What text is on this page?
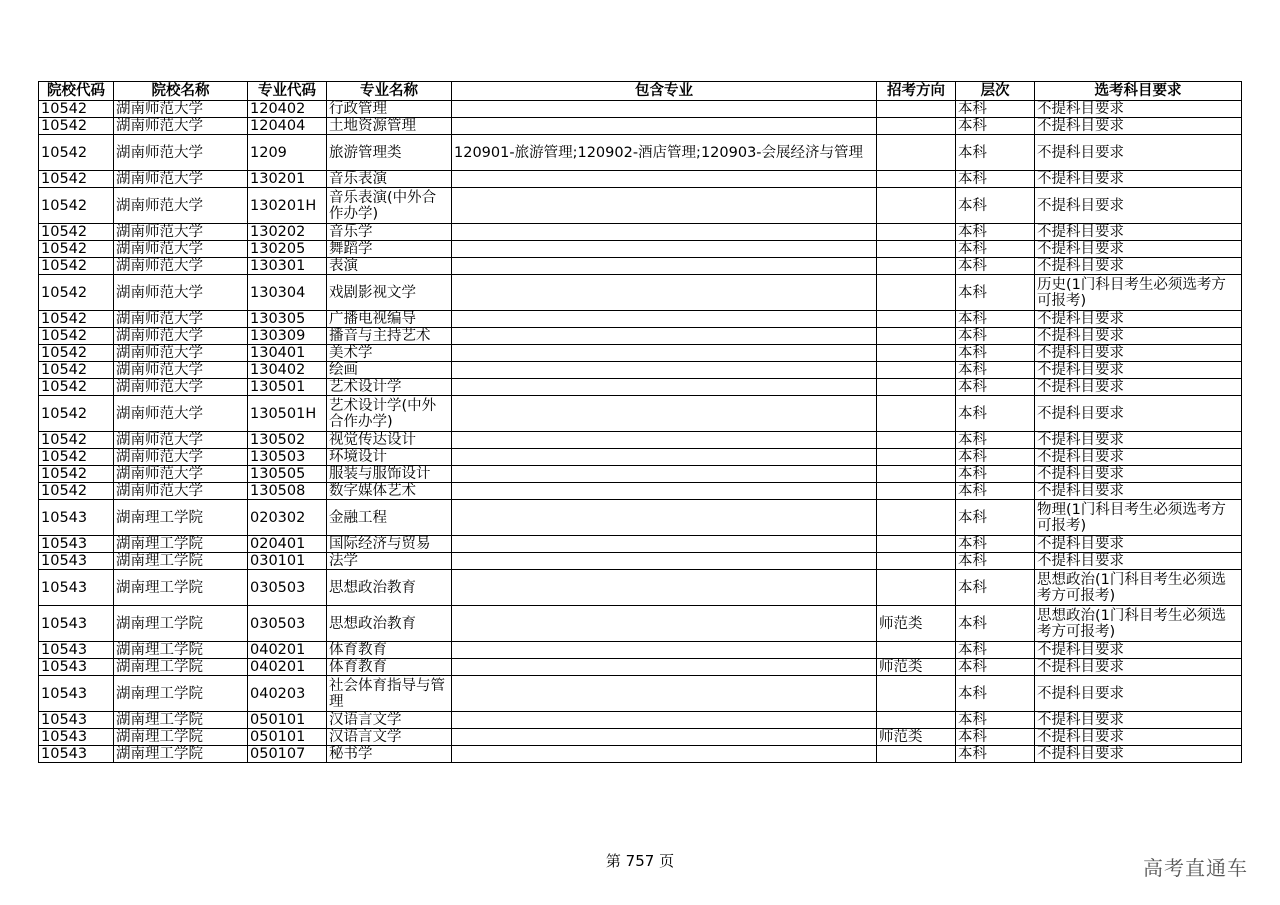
院校代码	院校名称	专业代码	专业名称	包含专业	招考方向	层次	选考科目要求
10542	湖南师范大学	120402	行政管理			本科	不提科目要求
10542	湖南师范大学	120404	土地资源管理			本科	不提科目要求
10542	湖南师范大学	1209	旅游管理类	120901-旅游管理;120902-酒店管理;120903-会展经济与管理		本科	不提科目要求
10542	湖南师范大学	130201	音乐表演			本科	不提科目要求
10542	湖南师范大学	130201H	音乐表演(中外合作办学)			本科	不提科目要求
10542	湖南师范大学	130202	音乐学			本科	不提科目要求
10542	湖南师范大学	130205	舞蹈学			本科	不提科目要求
10542	湖南师范大学	130301	表演			本科	不提科目要求
10542	湖南师范大学	130304	戏剧影视文学			本科	历史(1门科目考生必须选考方可报考)
10542	湖南师范大学	130305	广播电视编导			本科	不提科目要求
10542	湖南师范大学	130309	播音与主持艺术			本科	不提科目要求
10542	湖南师范大学	130401	美术学			本科	不提科目要求
10542	湖南师范大学	130402	绘画			本科	不提科目要求
10542	湖南师范大学	130501	艺术设计学			本科	不提科目要求
10542	湖南师范大学	130501H	艺术设计学(中外合作办学)			本科	不提科目要求
10542	湖南师范大学	130502	视觉传达设计			本科	不提科目要求
10542	湖南师范大学	130503	环境设计			本科	不提科目要求
10542	湖南师范大学	130505	服装与服饰设计			本科	不提科目要求
10542	湖南师范大学	130508	数字媒体艺术			本科	不提科目要求
10543	湖南理工学院	020302	金融工程			本科	物理(1门科目考生必须选考方可报考)
10543	湖南理工学院	020401	国际经济与贸易			本科	不提科目要求
10543	湖南理工学院	030101	法学			本科	不提科目要求
10543	湖南理工学院	030503	思想政治教育			本科	思想政治(1门科目考生必须选考方可报考)
10543	湖南理工学院	030503	思想政治教育		师范类	本科	思想政治(1门科目考生必须选考方可报考)
10543	湖南理工学院	040201	体育教育			本科	不提科目要求
10543	湖南理工学院	040201	体育教育		师范类	本科	不提科目要求
10543	湖南理工学院	040203	社会体育指导与管理			本科	不提科目要求
10543	湖南理工学院	050101	汉语言文学			本科	不提科目要求
10543	湖南理工学院	050101	汉语言文学		师范类	本科	不提科目要求
10543	湖南理工学院	050107	秘书学			本科	不提科目要求
第 757 页	高考直通车
